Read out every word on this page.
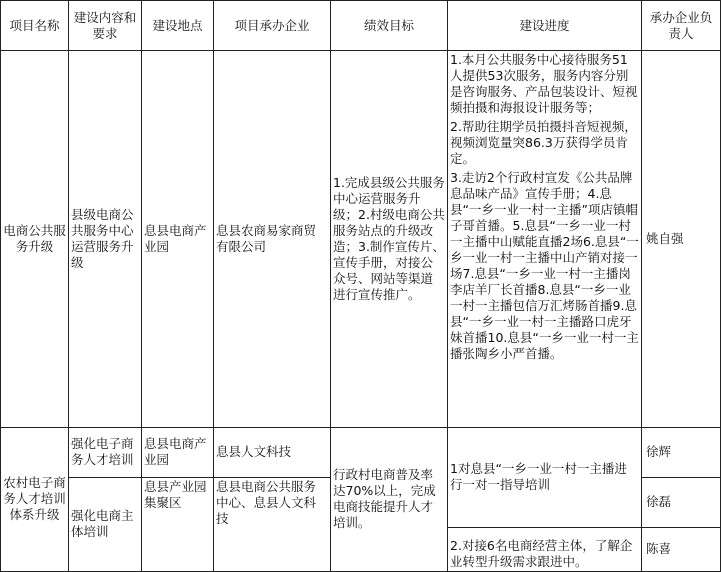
项目名称	建设内容和要求	建设地点	项目承办企业	绩效目标	建设进度	承办企业负责人
电商公共服务升级	县级电商公共服务中心运营服务升级	息县电商产业园	息县农商易家商贸有限公司	1.完成县级公共服务中心运营服务升级；2.村级电商公共服务站点的升级改造；3.制作宣传片、宣传手册，对接公众号、网站等渠道进行宣传推广。	1.本月公共服务中心接待服务51人提供53次服务，服务内容分别是咨询服务、产品包装设计、短视频拍摄和海报设计服务等；
2.帮助往期学员拍摄抖音短视频，视频浏览量突86.3万获得学员肯定。
3.走访2个行政村宣发《公共品牌息品味产品》宣传手册；4.息县“一乡一业一村一主播”项店镇帽子哥首播。5.息县“一乡一业一村一主播中山赋能直播2场6.息县“一乡一业一村一主播中山产销对接一场7.息县“一乡一业一村一主播岗李店羊厂长首播8.息县“一乡一业一村一主播包信万汇烤肠首播9.息县“一乡一业一村一主播路口虎牙妹首播10.息县“一乡一业一村一主播张陶乡小严首播。	姚自强
农村电子商务人才培训体系升级	强化电子商务人才培训	息县电商产业园	息县人文科技	行政村电商普及率达70%以上，完成电商技能提升人才培训。	1对息县“一乡一业一村一主播进行一对一指导培训	徐辉
	强化电商主体培训	息县产业园集聚区	息县电商公共服务中心、息县人文科技			徐磊
					2.对接6名电商经营主体，了解企业转型升级需求跟进中。	陈喜
